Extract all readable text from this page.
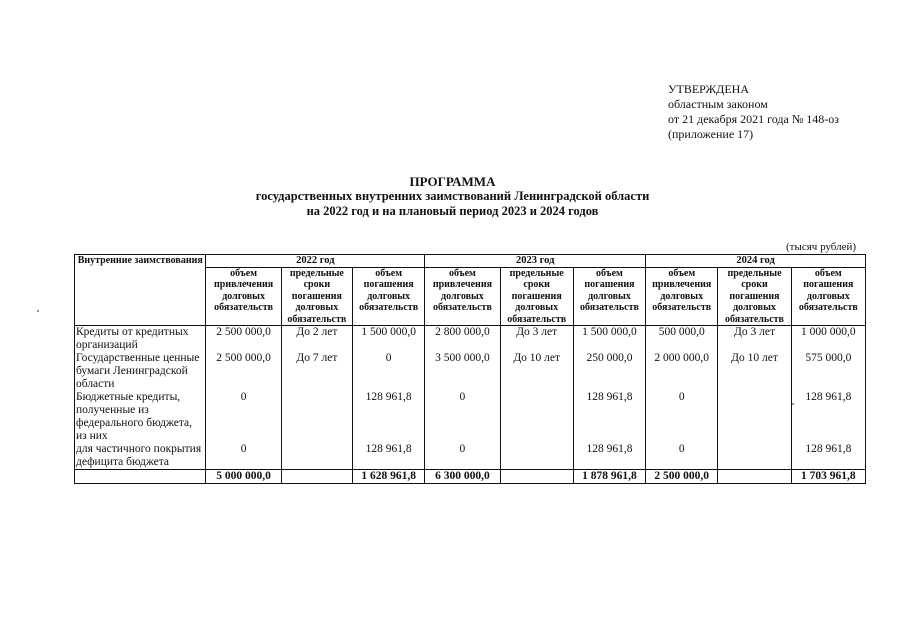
УТВЕРЖДЕНА
областным законом
от 21 декабря 2021 года № 148-оз
(приложение 17)
ПРОГРАММА
государственных внутренних заимствований Ленинградской области
на 2022 год и на плановый период 2023 и 2024 годов
(тысяч рублей)
Внутренние заимствования	2022 год			2023 год			2024 год		
	объем привлечения долговых обязательств	предельные сроки погашения долговых обязательств	объем погашения долговых обязательств	объем привлечения долговых обязательств	предельные сроки погашения долговых обязательств	объем погашения долговых обязательств	объем привлечения долговых обязательств	предельные сроки погашения долговых обязательств	объем погашения долговых обязательств
Кредиты от кредитных организаций	2 500 000,0	До 2 лет	1 500 000,0	2 800 000,0	До 3 лет	1 500 000,0	500 000,0	До 3 лет	1 000 000,0
Государственные ценные бумаги Ленинградской области	2 500 000,0	До 7 лет	0	3 500 000,0	До 10 лет	250 000,0	2 000 000,0	До 10 лет	575 000,0
Бюджетные кредиты, полученные из федерального бюджета, из них	0		128 961,8	0		128 961,8	0		128 961,8
для частичного покрытия дефицита бюджета	0		128 961,8	0		128 961,8	0		128 961,8
	5 000 000,0		1 628 961,8	6 300 000,0		1 878 961,8	2 500 000,0		1 703 961,8
